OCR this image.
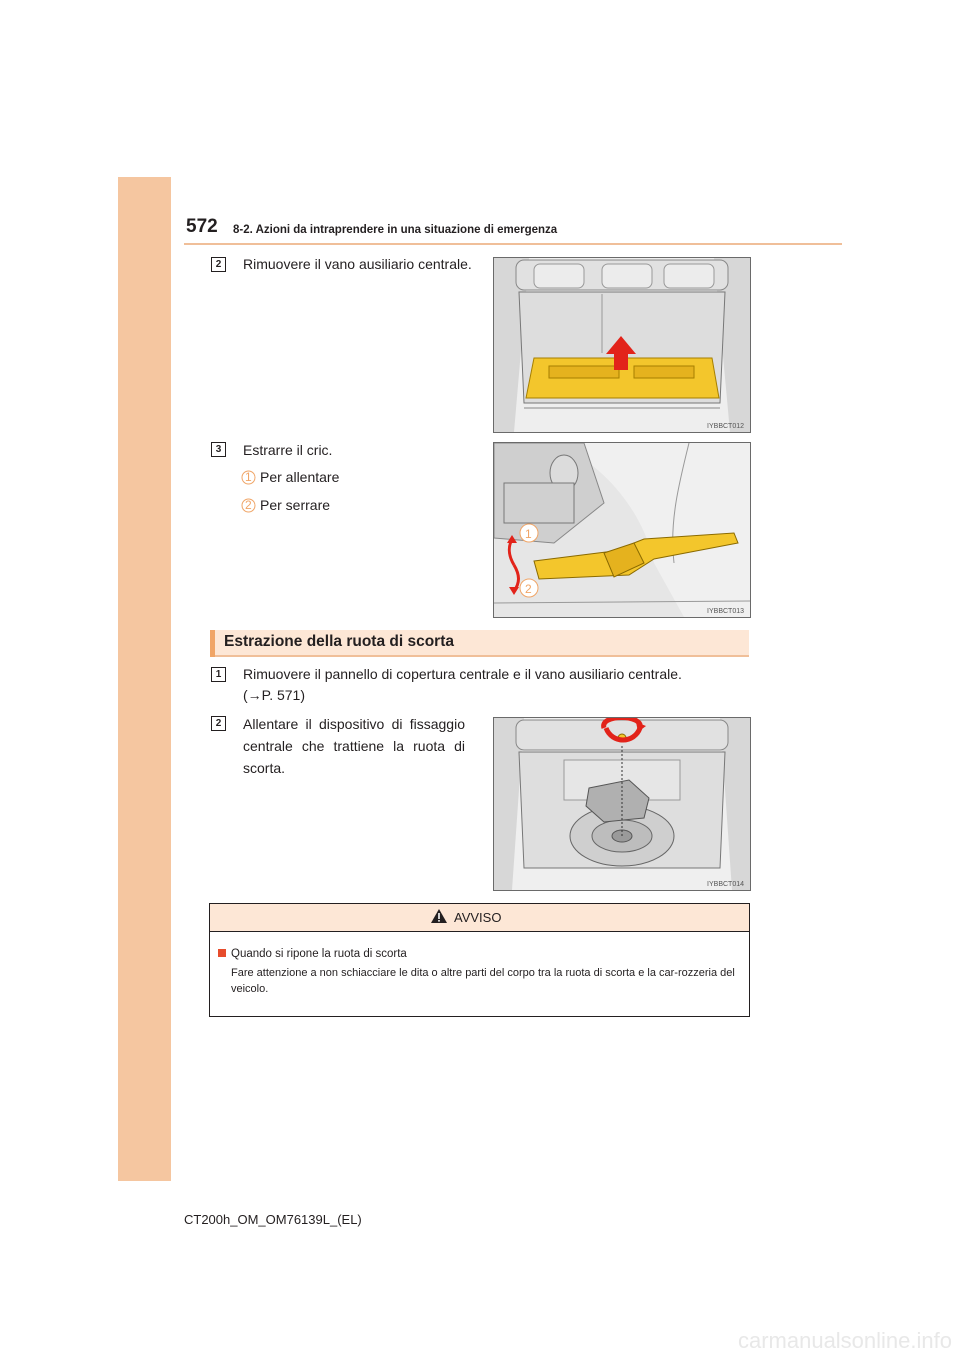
572 8-2. Azioni da intraprendere in una situazione di emergenza
2	Rimuovere il vano ausiliario centrale.
IYBBCT012
3	Estrarre il cric.
1 Per allentare
2 Per serrare
1
2
IYBBCT013
Estrazione della ruota di scorta
1	Rimuovere il pannello di copertura centrale e il vano ausiliario centrale.
(→P. 571)
2	Allentare il dispositivo di fissaggio centrale che trattiene la ruota di scorta.
IYBBCT014
AVVISO
Quando si ripone la ruota di scorta
Fare attenzione a non schiacciare le dita o altre parti del corpo tra la ruota di scorta e la car-rozzeria del veicolo.
CT200h_OM_OM76139L_(EL)
carmanualsonline.info
